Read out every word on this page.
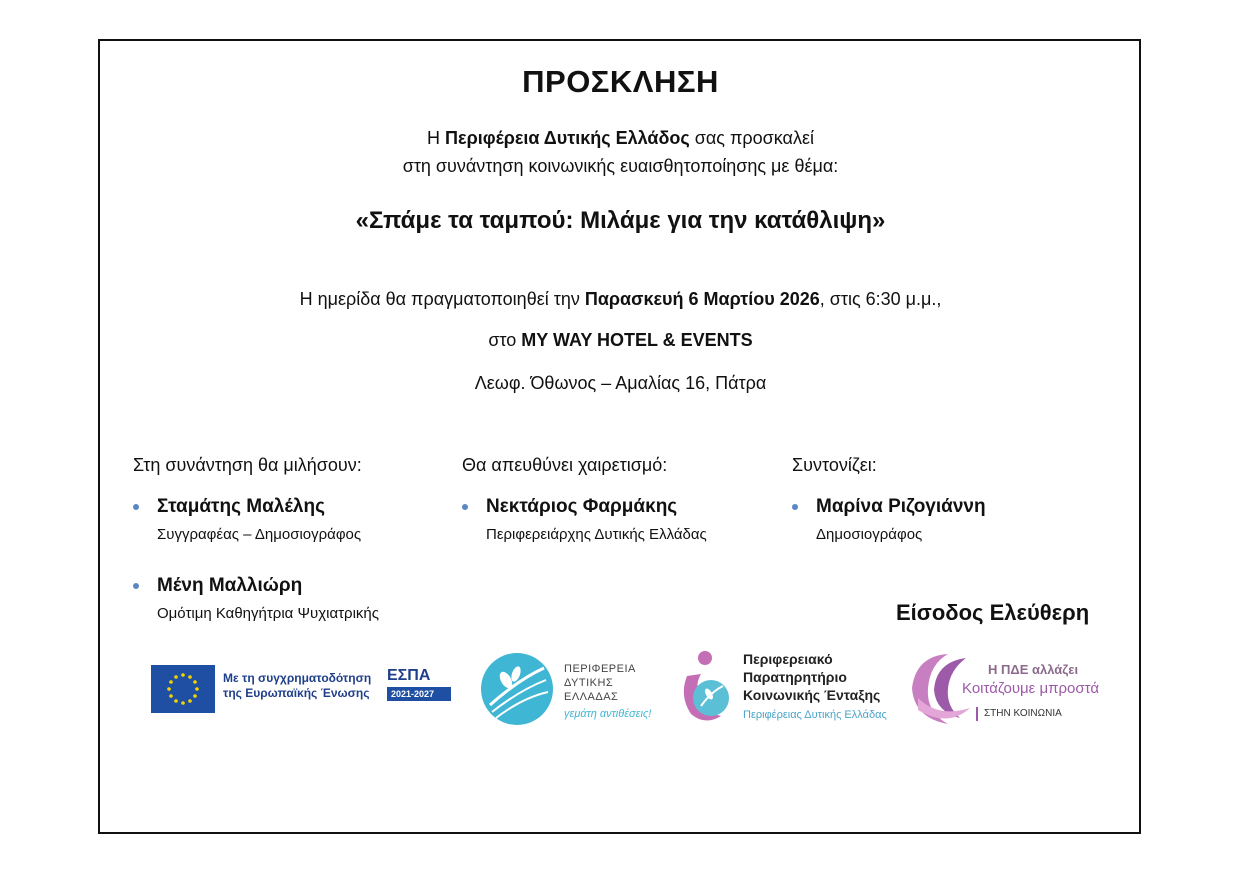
ΠΡΟΣΚΛΗΣΗ
Η Περιφέρεια Δυτικής Ελλάδος σας προσκαλεί
στη συνάντηση κοινωνικής ευαισθητοποίησης με θέμα:
«Σπάμε τα ταμπού: Μιλάμε για την κατάθλιψη»
Η ημερίδα θα πραγματοποιηθεί την Παρασκευή 6 Μαρτίου 2026, στις 6:30 μ.μ.,
στο MY WAY HOTEL & EVENTS
Λεωφ. Όθωνος – Αμαλίας 16, Πάτρα
Στη συνάντηση θα μιλήσουν:
Σταμάτης Μαλέλης
Συγγραφέας – Δημοσιογράφος
Μένη Μαλλιώρη
Ομότιμη Καθηγήτρια Ψυχιατρικής
Θα απευθύνει χαιρετισμό:
Νεκτάριος Φαρμάκης
Περιφερειάρχης Δυτικής Ελλάδας
Συντονίζει:
Μαρίνα Ριζογιάννη
Δημοσιογράφος
Είσοδος Ελεύθερη
Με τη συγχρηματοδότηση
της Ευρωπαϊκής Ένωσης
ΕΣΠΑ
2021-2027
ΠΕΡΙΦΕΡΕΙΑ
ΔΥΤΙΚΗΣ
ΕΛΛΑΔΑΣ
γεμάτη αντιθέσεις!
Περιφερειακό
Παρατηρητήριο
Κοινωνικής Ένταξης
Περιφέρειας Δυτικής Ελλάδας
Η ΠΔΕ αλλάζει
Κοιτάζουμε μπροστά
ΣΤΗΝ ΚΟΙΝΩΝΙΑ
